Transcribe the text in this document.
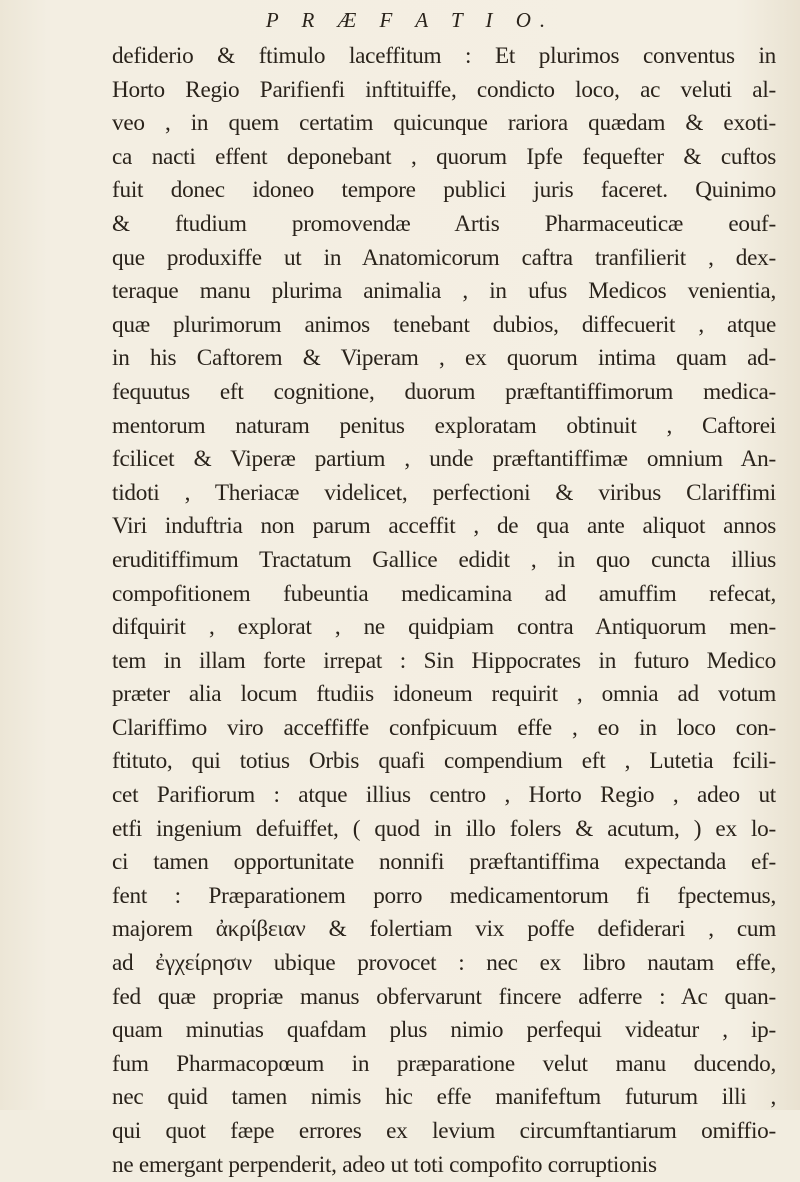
P R Æ F A T I O.
defiderio & ftimulo laceffitum : Et plurimos conventus in
Horto Regio Parifienfi inftituiffe, condicto loco, ac veluti al-
veo , in quem certatim quicunque rariora quædam & exoti-
ca nacti effent deponebant , quorum Ipfe fequefter & cuftos
fuit donec idoneo tempore publici juris faceret. Quinimo
& ftudium promovendæ Artis Pharmaceuticæ eouf-
que produxiffe ut in Anatomicorum caftra tranfilierit , dex-
teraque manu plurima animalia , in ufus Medicos venientia,
quæ plurimorum animos tenebant dubios, diffecuerit , atque
in his Caftorem & Viperam , ex quorum intima quam ad-
fequutus eft cognitione, duorum præftantiffimorum medica-
mentorum naturam penitus exploratam obtinuit , Caftorei
fcilicet & Viperæ partium , unde præftantiffimæ omnium An-
tidoti , Theriacæ videlicet, perfectioni & viribus Clariffimi
Viri induftria non parum acceffit , de qua ante aliquot annos
eruditiffimum Tractatum Gallice edidit , in quo cuncta illius
compofitionem fubeuntia medicamina ad amuffim refecat,
difquirit , explorat , ne quidpiam contra Antiquorum men-
tem in illam forte irrepat : Sin Hippocrates in futuro Medico
præter alia locum ftudiis idoneum requirit , omnia ad votum
Clariffimo viro acceffiffe confpicuum effe , eo in loco con-
ftituto, qui totius Orbis quafi compendium eft , Lutetia fcili-
cet Parifiorum : atque illius centro , Horto Regio , adeo ut
etfi ingenium defuiffet, ( quod in illo folers & acutum, ) ex lo-
ci tamen opportunitate nonnifi præftantiffima expectanda ef-
fent : Præparationem porro medicamentorum fi fpectemus,
majorem ἀκρίβειαν & folertiam vix poffe defiderari , cum
ad ἐγχείρησιν ubique provocet : nec ex libro nautam effe,
fed quæ propriæ manus obfervarunt fincere adferre : Ac quan-
quam minutias quafdam plus nimio perfequi videatur , ip-
fum Pharmacopœum in præparatione velut manu ducendo,
nec quid tamen nimis hic effe manifeftum futurum illi ,
qui quot fæpe errores ex levium circumftantiarum omiffio-
ne emergant perpenderit, adeo ut toti compofito corruptionis
